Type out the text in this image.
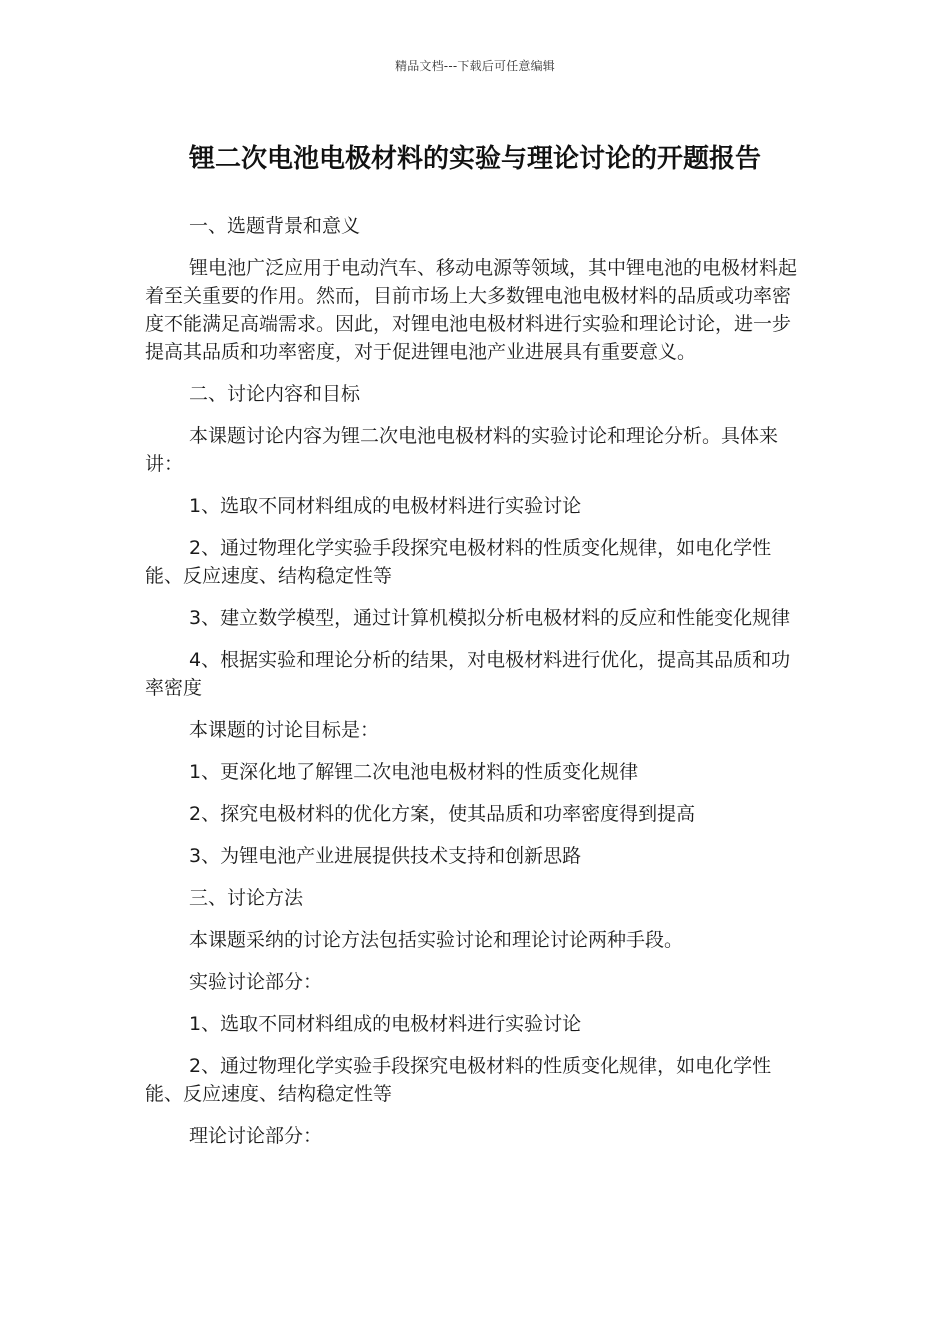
精品文档---下载后可任意编辑
锂二次电池电极材料的实验与理论讨论的开题报告

一、选题背景和意义

锂电池广泛应用于电动汽车、移动电源等领域，其中锂电池的电极材料起着至关重要的作用。然而，目前市场上大多数锂电池电极材料的品质或功率密度不能满足高端需求。因此，对锂电池电极材料进行实验和理论讨论，进一步提高其品质和功率密度，对于促进锂电池产业进展具有重要意义。

二、讨论内容和目标

本课题讨论内容为锂二次电池电极材料的实验讨论和理论分析。具体来讲：

1、选取不同材料组成的电极材料进行实验讨论

2、通过物理化学实验手段探究电极材料的性质变化规律，如电化学性能、反应速度、结构稳定性等

3、建立数学模型，通过计算机模拟分析电极材料的反应和性能变化规律

4、根据实验和理论分析的结果，对电极材料进行优化，提高其品质和功率密度

本课题的讨论目标是：

1、更深化地了解锂二次电池电极材料的性质变化规律

2、探究电极材料的优化方案，使其品质和功率密度得到提高

3、为锂电池产业进展提供技术支持和创新思路

三、讨论方法

本课题采纳的讨论方法包括实验讨论和理论讨论两种手段。

实验讨论部分：

1、选取不同材料组成的电极材料进行实验讨论

2、通过物理化学实验手段探究电极材料的性质变化规律，如电化学性能、反应速度、结构稳定性等

理论讨论部分：
